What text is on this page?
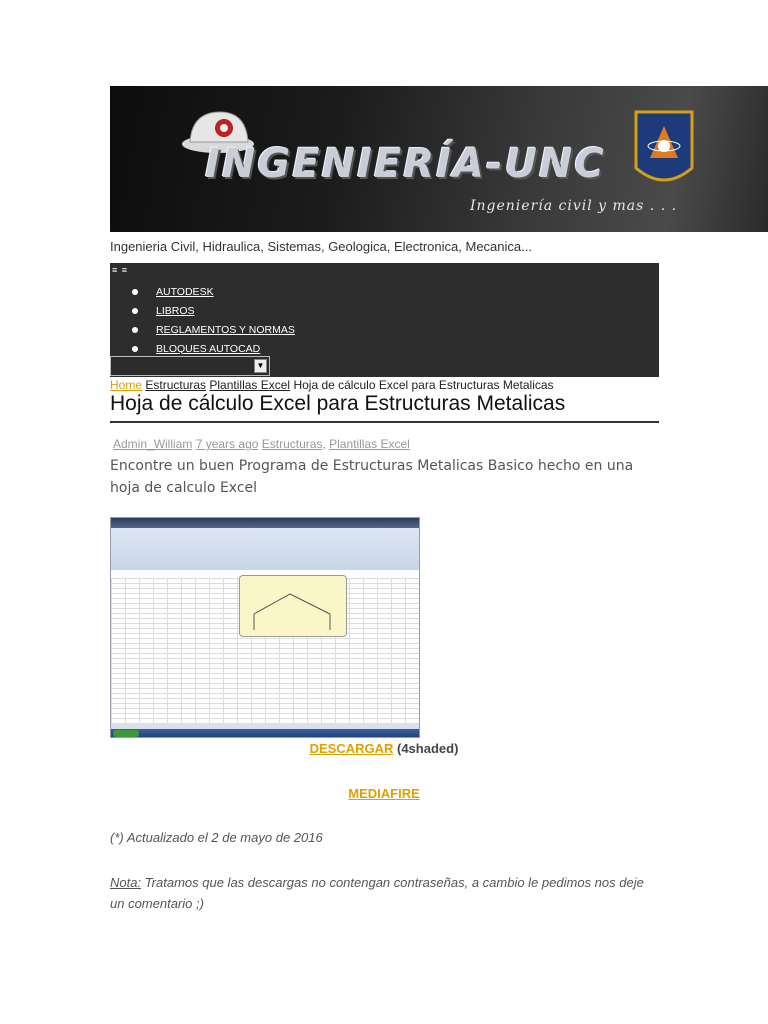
INGENIERÍA-UNC
Ingeniería civil y mas . . .
Ingenieria Civil, Hidraulica, Sistemas, Geologica, Electronica, Mecanica...
≡ ≡
AUTODESK
LIBROS
REGLAMENTOS Y NORMAS
BLOQUES AUTOCAD
▼
Home Estructuras Plantillas Excel Hoja de cálculo Excel para Estructuras Metalicas
Hoja de cálculo Excel para Estructuras Metalicas
Admin_William 7 years ago Estructuras, Plantillas Excel
Encontre un buen Programa de Estructuras Metalicas Basico hecho en una hoja de calculo Excel
DESCARGAR (4shaded)
MEDIAFIRE
(*) Actualizado el 2 de mayo de 2016
Nota: Tratamos que las descargas no contengan contraseñas, a cambio le pedimos nos deje un comentario ;)
